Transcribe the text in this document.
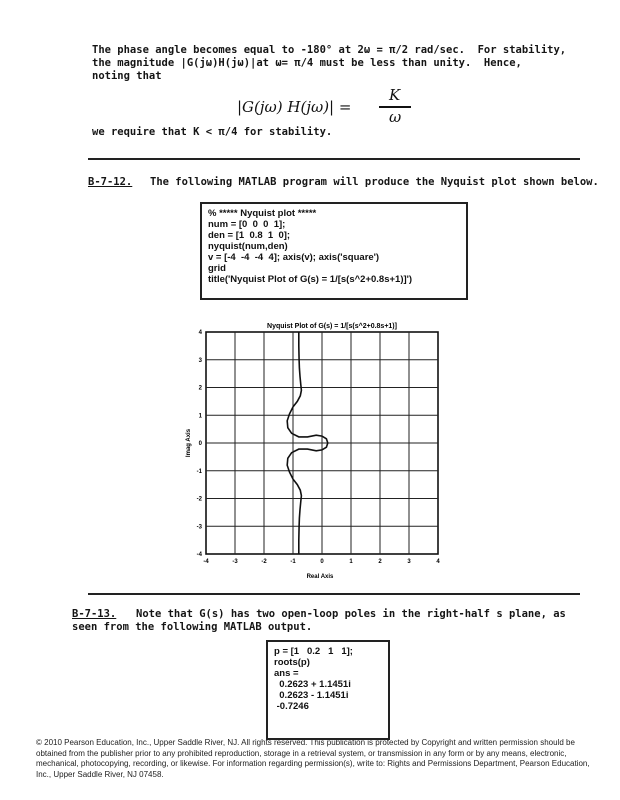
The phase angle becomes equal to -180° at 2ω = π/2 rad/sec.  For stability,
the magnitude |G(jω)H(jω)|at ω= π/4 must be less than unity.  Hence,
noting that
|G(jω) H(jω)| =
K
ω
we require that K < π/4 for stability.
B-7-12. The following MATLAB program will produce the Nyquist plot shown below.
% ***** Nyquist plot *****
num = [0  0  0  1];
den = [1  0.8  1  0];
nyquist(num,den)
v = [-4  -4  -4  4]; axis(v); axis('square')
grid
title('Nyquist Plot of G(s) = 1/[s(s^2+0.8s+1)]')
Nyquist Plot of G(s) = 1/[s(s^2+0.8s+1)]
-4	-3	-2	-1	0	1	2	3	4
4
3
2
1
0
-1
-2
-3
-4
Real Axis
Imag Axis
B-7-13. Note that G(s) has two open-loop poles in the right-half s plane, as
seen from the following MATLAB output.
p = [1   0.2   1   1];
roots(p)
ans =
0.2623 + 1.1451i
0.2623 - 1.1451i
-0.7246
© 2010 Pearson Education, Inc., Upper Saddle River, NJ. All rights reserved. This publication is protected by Copyright and written permission should be obtained from the publisher prior to any prohibited reproduction, storage in a retrieval system, or transmission in any form or by any means, electronic, mechanical, photocopying, recording, or likewise. For information regarding permission(s), write to: Rights and Permissions Department, Pearson Education, Inc., Upper Saddle River, NJ 07458.
